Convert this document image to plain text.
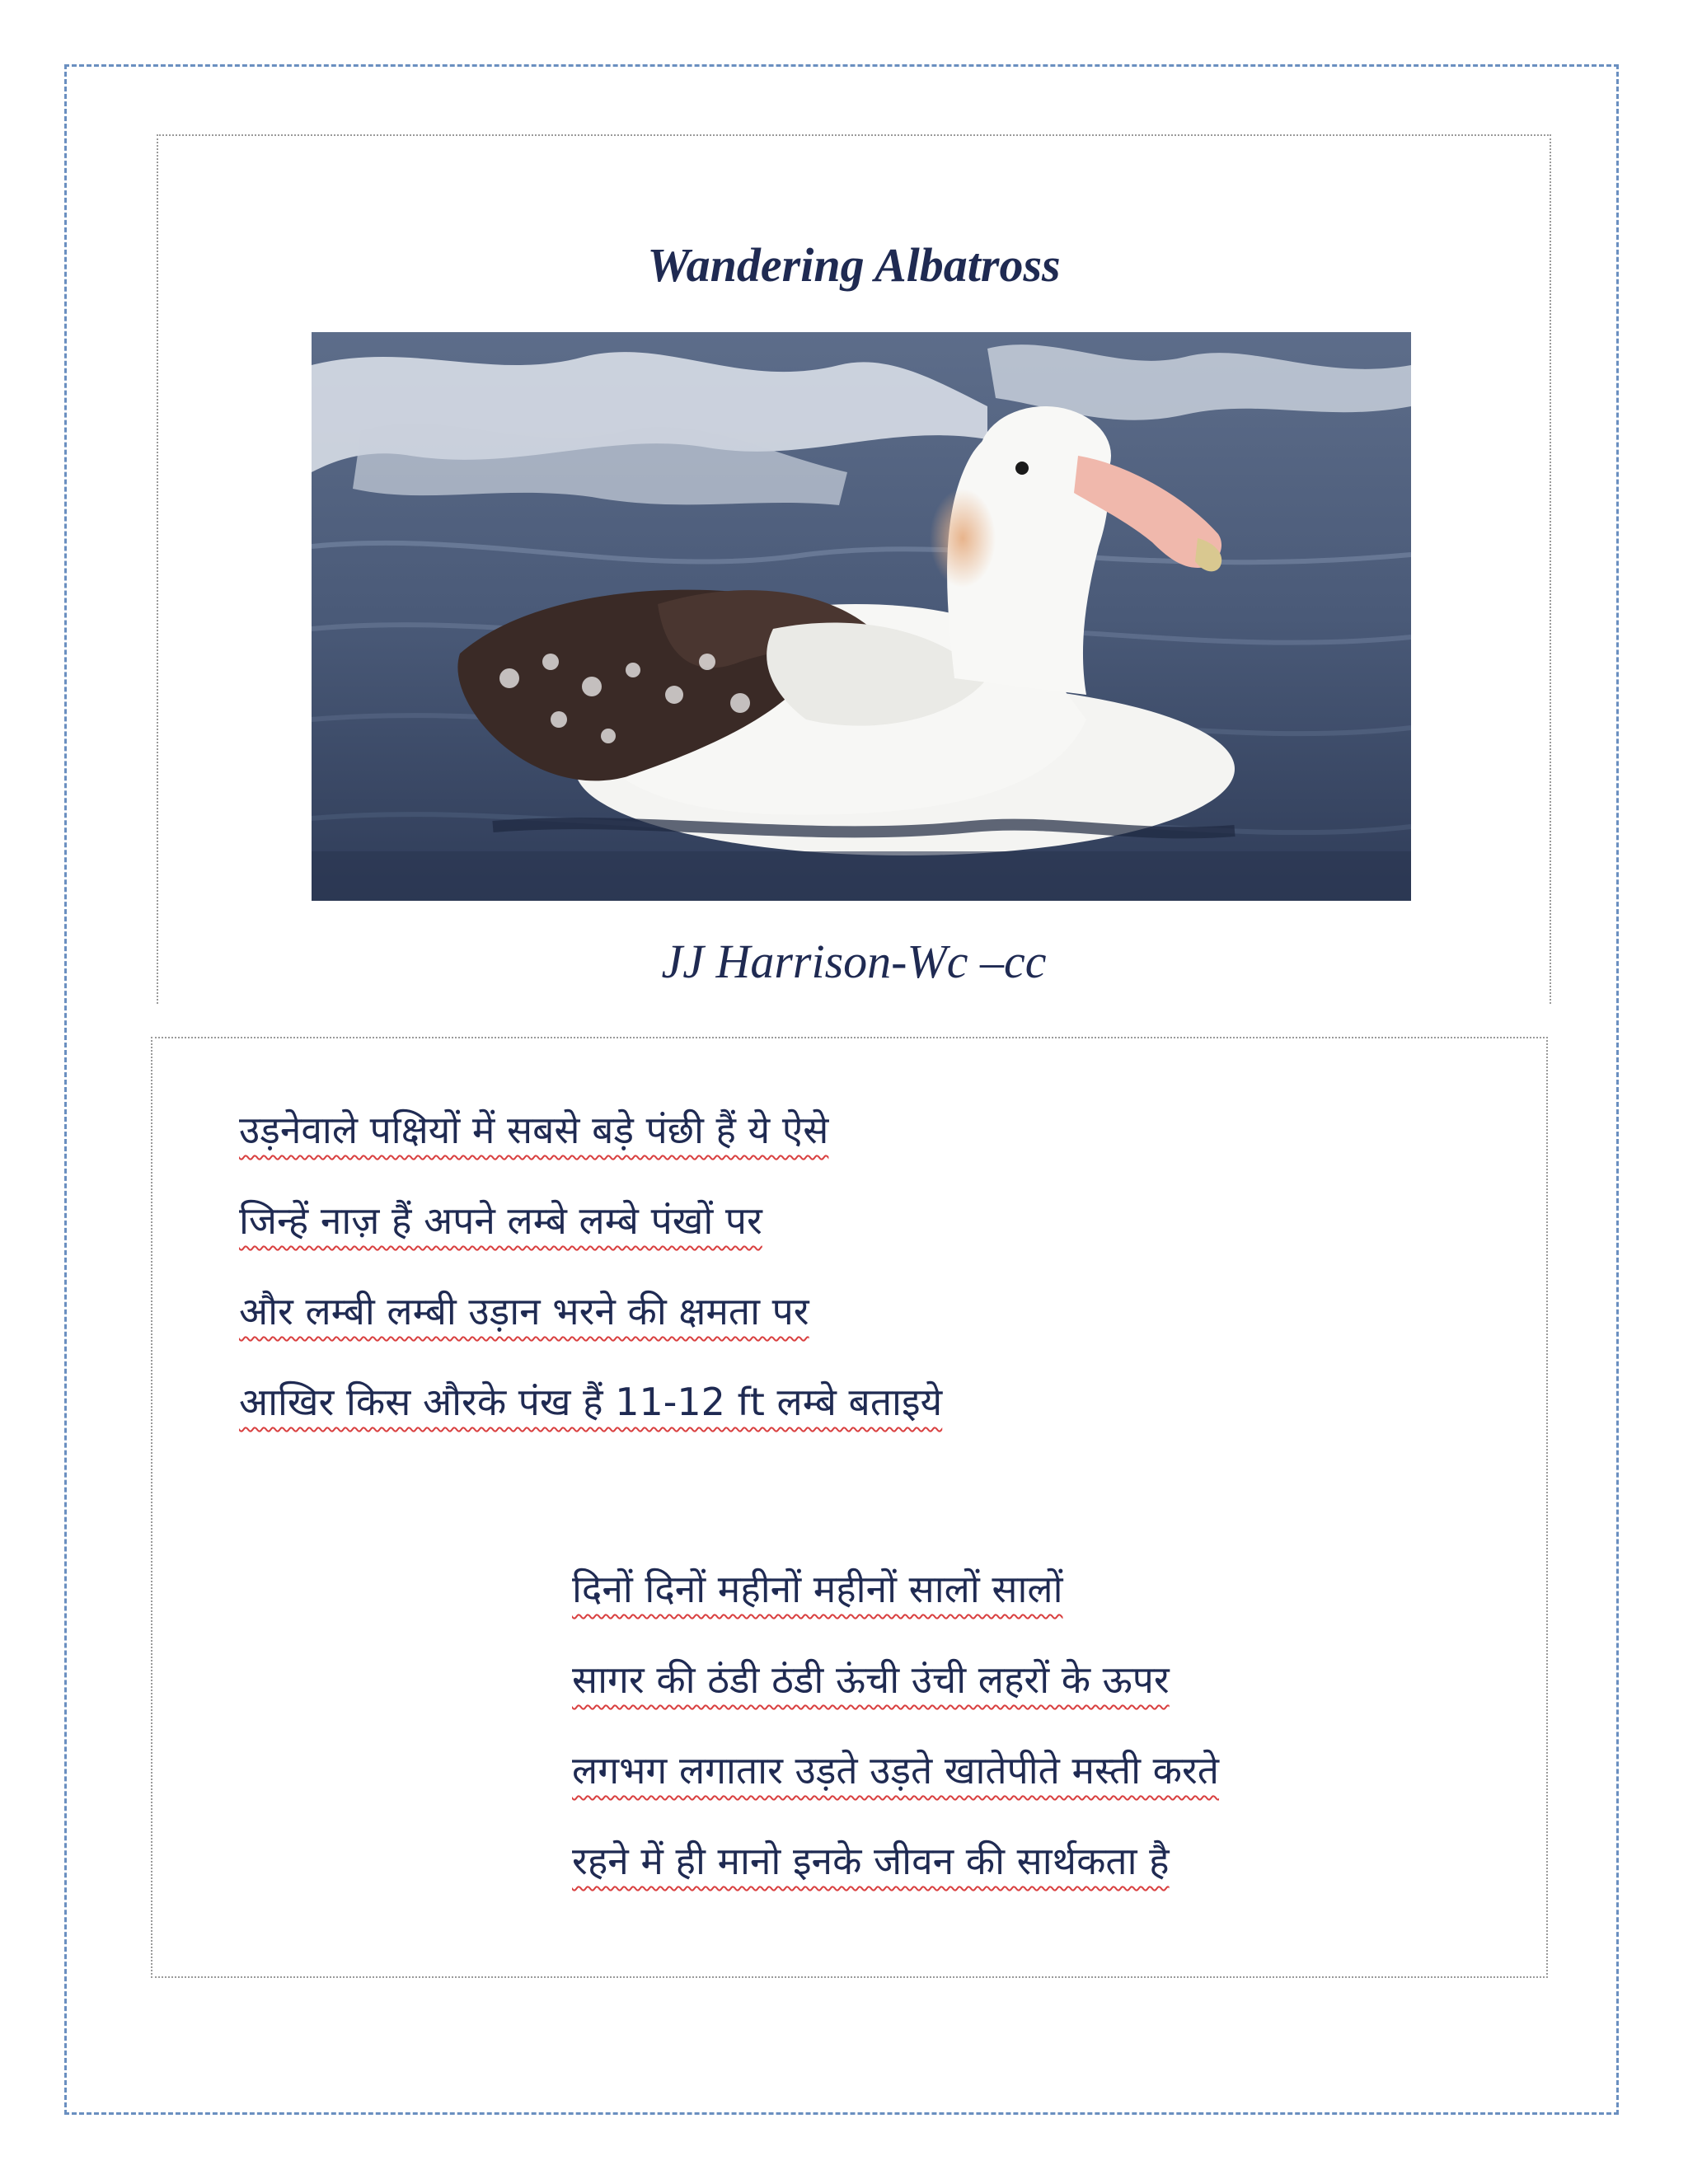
Wandering Albatross

JJ Harrison-Wc –cc

उड़नेवाले पक्षियों में सबसे बड़े पंछी हैं ये ऐसे
जिन्हें नाज़ हैं अपने लम्बे लम्बे पंखों पर
और लम्बी लम्बी उड़ान भरने की क्षमता पर
आखिर किस औरके पंख हैं 11-12 ft लम्बे बताइये
दिनों दिनों महीनों महीनों सालों सालों
सागर की ठंडी ठंडी ऊंची उंची लहरों के ऊपर
लगभग लगातार उड़ते उड़ते खातेपीते मस्ती करते
रहने में ही मानो इनके जीवन की सार्थकता है
